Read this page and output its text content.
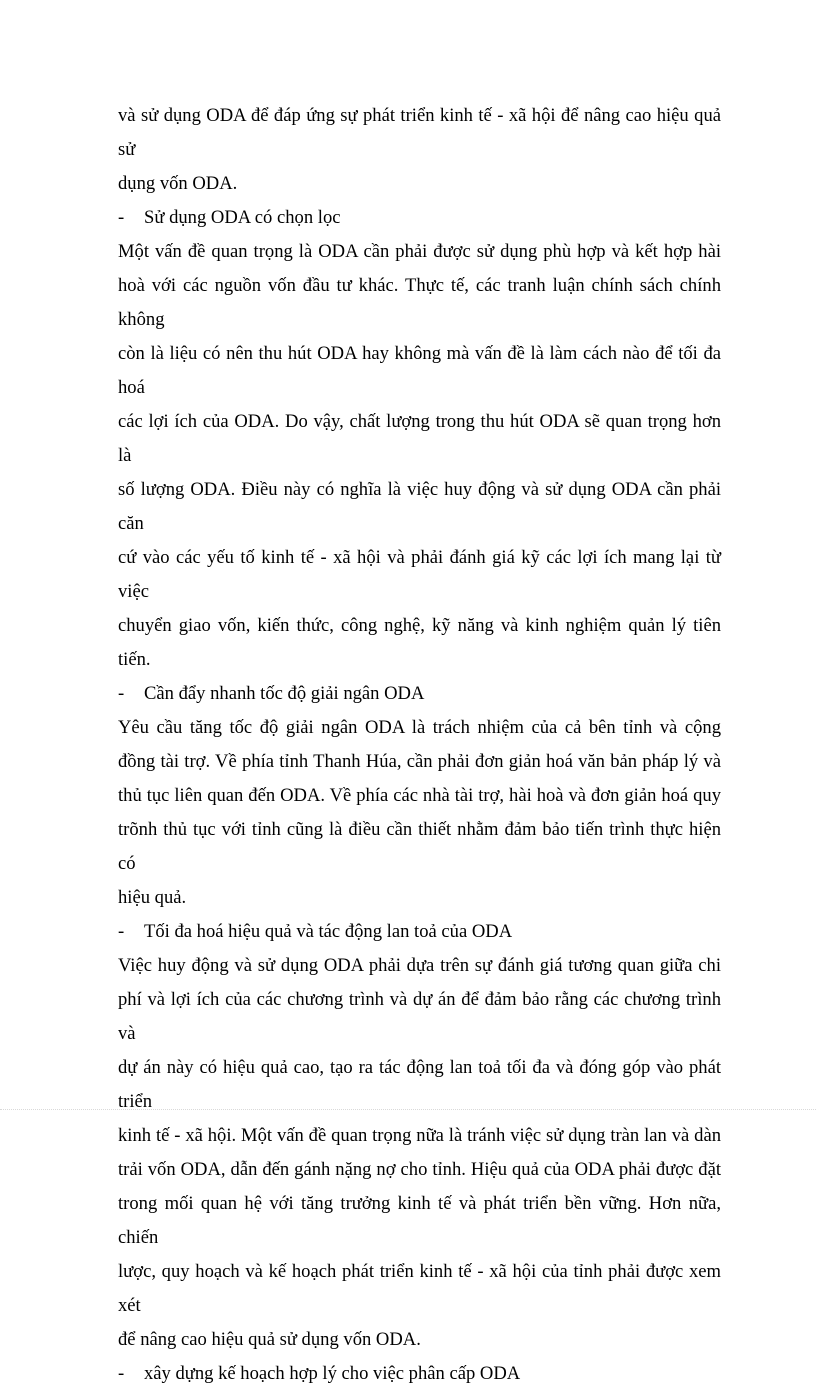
và sử dụng ODA để đáp ứng sự phát triển kinh tế - xã hội để nâng cao hiệu quả sử
dụng vốn ODA.
- Sử dụng ODA có chọn lọc
Một vấn đề quan trọng là ODA cần phải được sử dụng phù hợp và kết hợp hài
hoà với các nguồn vốn đầu tư khác. Thực tế, các tranh luận chính sách chính không
còn là liệu có nên thu hút ODA hay không mà vấn đề là làm cách nào để tối đa hoá
các lợi ích của ODA. Do vậy, chất lượng trong thu hút ODA sẽ quan trọng hơn là
số lượng ODA. Điều này có nghĩa là việc huy động và sử dụng ODA cần phải căn
cứ vào các yếu tố kinh tế - xã hội và phải đánh giá kỹ các lợi ích mang lại từ việc
chuyển giao vốn, kiến thức, công nghệ, kỹ năng và kinh nghiệm quản lý tiên tiến.
- Cần đẩy nhanh tốc độ giải ngân ODA
Yêu cầu tăng tốc độ giải ngân ODA là trách nhiệm của cả bên tỉnh và cộng
đồng tài trợ. Về phía tỉnh Thanh Húa, cần phải đơn giản hoá văn bản pháp lý và
thủ tục liên quan đến ODA. Về phía các nhà tài trợ, hài hoà và đơn giản hoá quy
trõnh thủ tục với tỉnh cũng là điều cần thiết nhằm đảm bảo tiến trình thực hiện có
hiệu quả.
- Tối đa hoá hiệu quả và tác động lan toả của ODA
Việc huy động và sử dụng ODA phải dựa trên sự đánh giá tương quan giữa chi
phí và lợi ích của các chương trình và dự án để đảm bảo rằng các chương trình và
dự án này có hiệu quả cao, tạo ra tác động lan toả tối đa và đóng góp vào phát triển
kinh tế - xã hội. Một vấn đề quan trọng nữa là tránh việc sử dụng tràn lan và dàn
trải vốn ODA, dẫn đến gánh nặng nợ cho tỉnh. Hiệu quả của ODA phải được đặt
trong mối quan hệ với tăng trưởng kinh tế và phát triển bền vững. Hơn nữa, chiến
lược, quy hoạch và kế hoạch phát triển kinh tế - xã hội của tỉnh phải được xem xét
để nâng cao hiệu quả sử dụng vốn ODA.
- xây dựng kế hoạch hợp lý cho việc phân cấp ODA
